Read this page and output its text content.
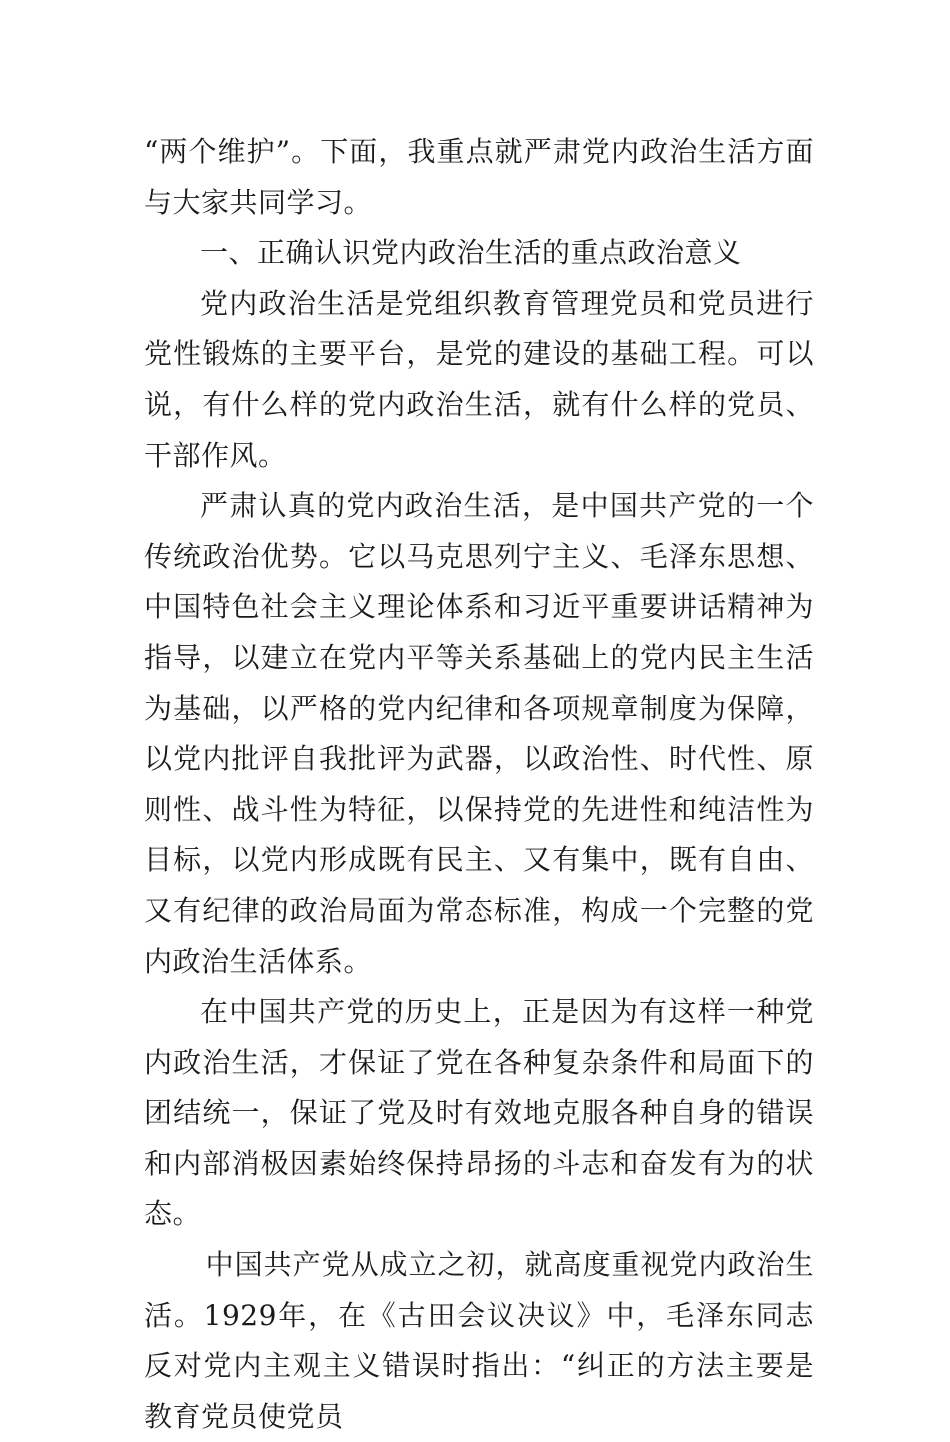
“两个维护”。下面，我重点就严肃党内政治生活方面与大家共同学习。

一、正确认识党内政治生活的重点政治意义

党内政治生活是党组织教育管理党员和党员进行党性锻炼的主要平台，是党的建设的基础工程。可以说，有什么样的党内政治生活，就有什么样的党员、干部作风。

严肃认真的党内政治生活，是中国共产党的一个传统政治优势。它以马克思列宁主义、毛泽东思想、中国特色社会主义理论体系和习近平重要讲话精神为指导，以建立在党内平等关系基础上的党内民主生活为基础，以严格的党内纪律和各项规章制度为保障，以党内批评自我批评为武器，以政治性、时代性、原则性、战斗性为特征，以保持党的先进性和纯洁性为目标，以党内形成既有民主、又有集中，既有自由、又有纪律的政治局面为常态标准，构成一个完整的党内政治生活体系。

在中国共产党的历史上，正是因为有这样一种党内政治生活，才保证了党在各种复杂条件和局面下的团结统一，保证了党及时有效地克服各种自身的错误和内部消极因素始终保持昂扬的斗志和奋发有为的状态。

中国共产党从成立之初，就高度重视党内政治生活。1929年，在《古田会议决议》中，毛泽东同志反对党内主观主义错误时指出：“纠正的方法主要是教育党员使党员
